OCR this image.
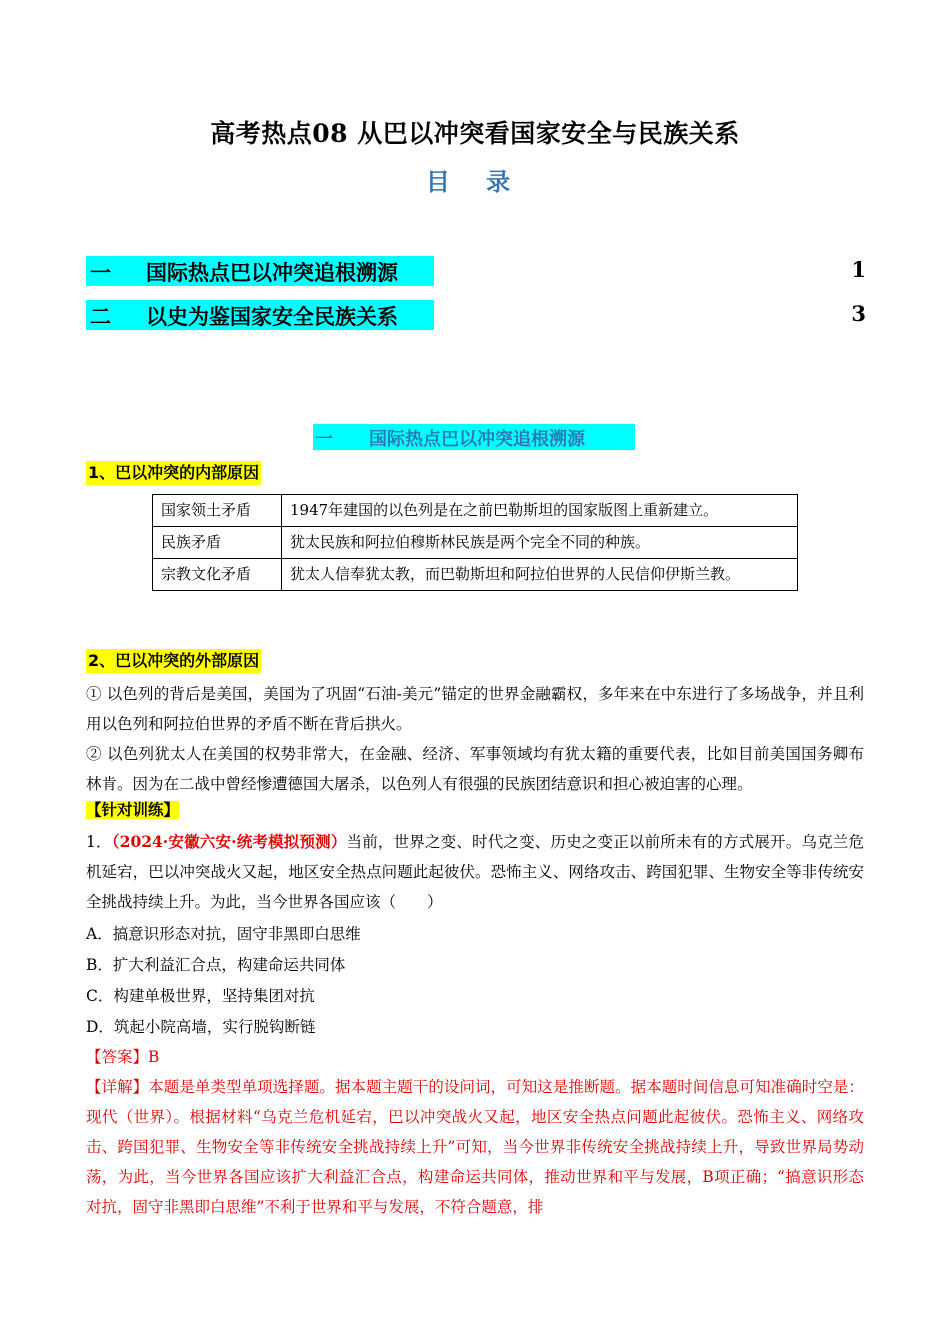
高考热点08 从巴以冲突看国家安全与民族关系
目 录
一 国际热点巴以冲突追根溯源	1
二 以史为鉴国家安全民族关系	3
一 国际热点巴以冲突追根溯源
1、巴以冲突的内部原因
国家领土矛盾	1947年建国的以色列是在之前巴勒斯坦的国家版图上重新建立。
民族矛盾	犹太民族和阿拉伯穆斯林民族是两个完全不同的种族。
宗教文化矛盾	犹太人信奉犹太教，而巴勒斯坦和阿拉伯世界的人民信仰伊斯兰教。
2、巴以冲突的外部原因
① 以色列的背后是美国，美国为了巩固“石油-美元”锚定的世界金融霸权，多年来在中东进行了多场战争，并且利用以色列和阿拉伯世界的矛盾不断在背后拱火。
② 以色列犹太人在美国的权势非常大，在金融、经济、军事领域均有犹太籍的重要代表，比如目前美国国务卿布林肯。因为在二战中曾经惨遭德国大屠杀，以色列人有很强的民族团结意识和担心被迫害的心理。
【针对训练】
1．（2024·安徽六安·统考模拟预测）当前，世界之变、时代之变、历史之变正以前所未有的方式展开。乌克兰危机延宕，巴以冲突战火又起，地区安全热点问题此起彼伏。恐怖主义、网络攻击、跨国犯罪、生物安全等非传统安全挑战持续上升。为此，当今世界各国应该（　　）
A．搞意识形态对抗，固守非黑即白思维
B．扩大利益汇合点，构建命运共同体
C．构建单极世界，坚持集团对抗
D．筑起小院高墙，实行脱钩断链
【答案】B
【详解】本题是单类型单项选择题。据本题主题干的设问词，可知这是推断题。据本题时间信息可知准确时空是：现代（世界）。根据材料“乌克兰危机延宕，巴以冲突战火又起，地区安全热点问题此起彼伏。恐怖主义、网络攻击、跨国犯罪、生物安全等非传统安全挑战持续上升”可知，当今世界非传统安全挑战持续上升，导致世界局势动荡，为此，当今世界各国应该扩大利益汇合点，构建命运共同体，推动世界和平与发展，B项正确；“搞意识形态对抗，固守非黑即白思维”不利于世界和平与发展，不符合题意，排
